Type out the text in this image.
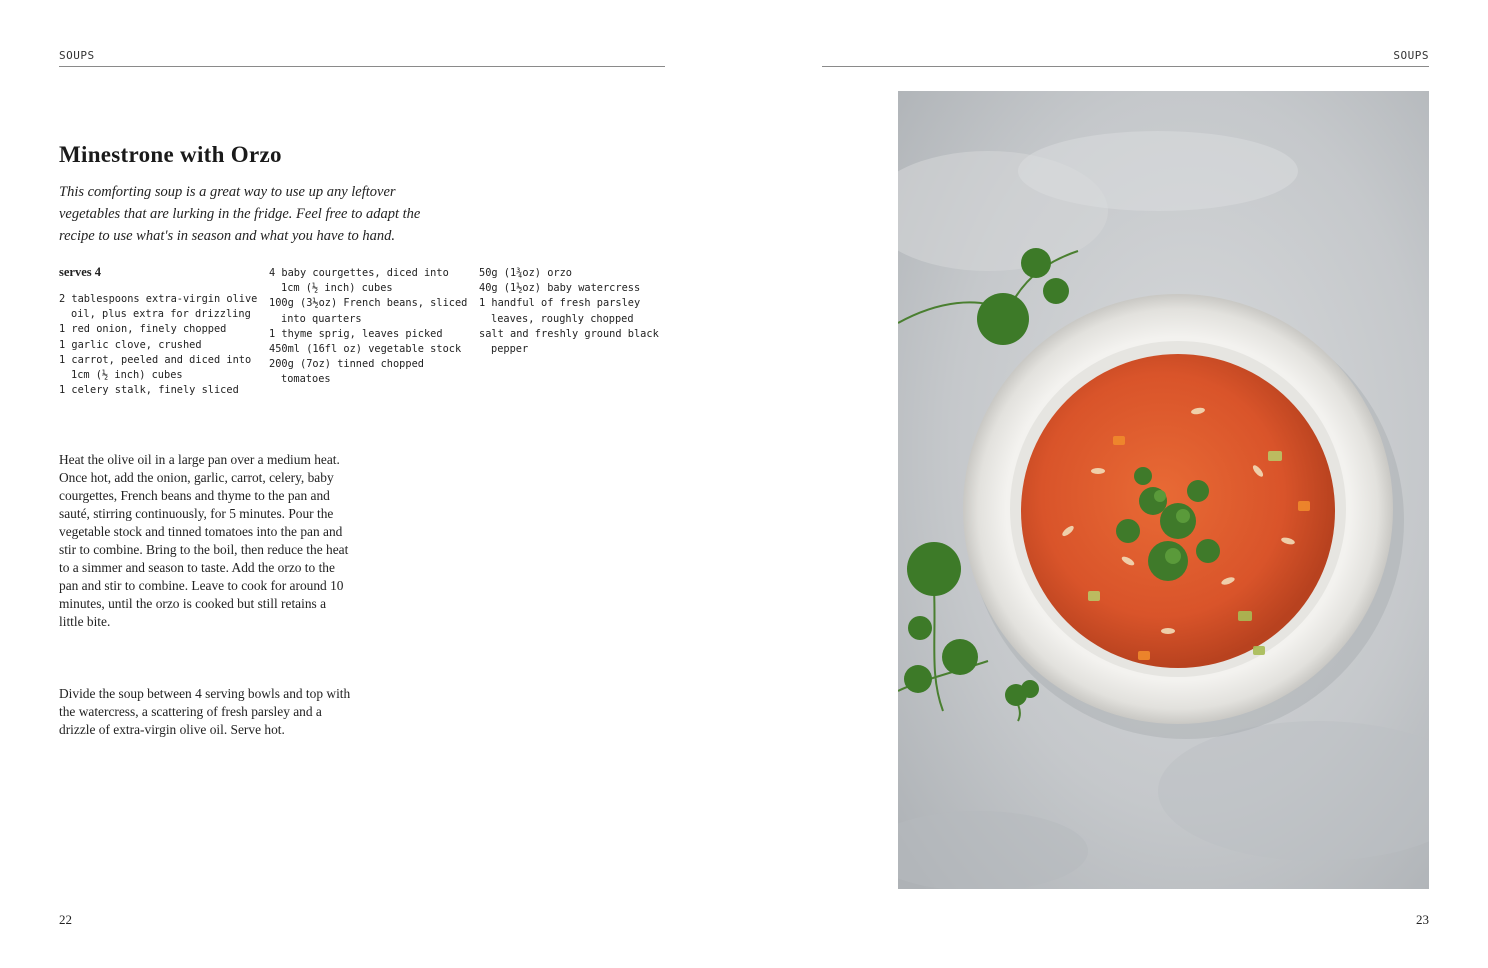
SOUPS
Minestrone with Orzo

This comforting soup is a great way to use up any leftover vegetables that are lurking in the fridge. Feel free to adapt the recipe to use what's in season and what you have to hand.

serves 4
2 tablespoons extra-virgin olive oil, plus extra for drizzling
1 red onion, finely chopped
1 garlic clove, crushed
1 carrot, peeled and diced into 1cm (½ inch) cubes
1 celery stalk, finely sliced
4 baby courgettes, diced into 1cm (½ inch) cubes
100g (3½oz) French beans, sliced into quarters
1 thyme sprig, leaves picked
450ml (16fl oz) vegetable stock
200g (7oz) tinned chopped tomatoes
50g (1¾oz) orzo
40g (1½oz) baby watercress
1 handful of fresh parsley leaves, roughly chopped
salt and freshly ground black pepper

Heat the olive oil in a large pan over a medium heat. Once hot, add the onion, garlic, carrot, celery, baby courgettes, French beans and thyme to the pan and sauté, stirring continuously, for 5 minutes. Pour the vegetable stock and tinned tomatoes into the pan and stir to combine. Bring to the boil, then reduce the heat to a simmer and season to taste. Add the orzo to the pan and stir to combine. Leave to cook for around 10 minutes, until the orzo is cooked but still retains a little bite.

Divide the soup between 4 serving bowls and top with the watercress, a scattering of fresh parsley and a drizzle of extra-virgin olive oil. Serve hot.

22
SOUPS
23
